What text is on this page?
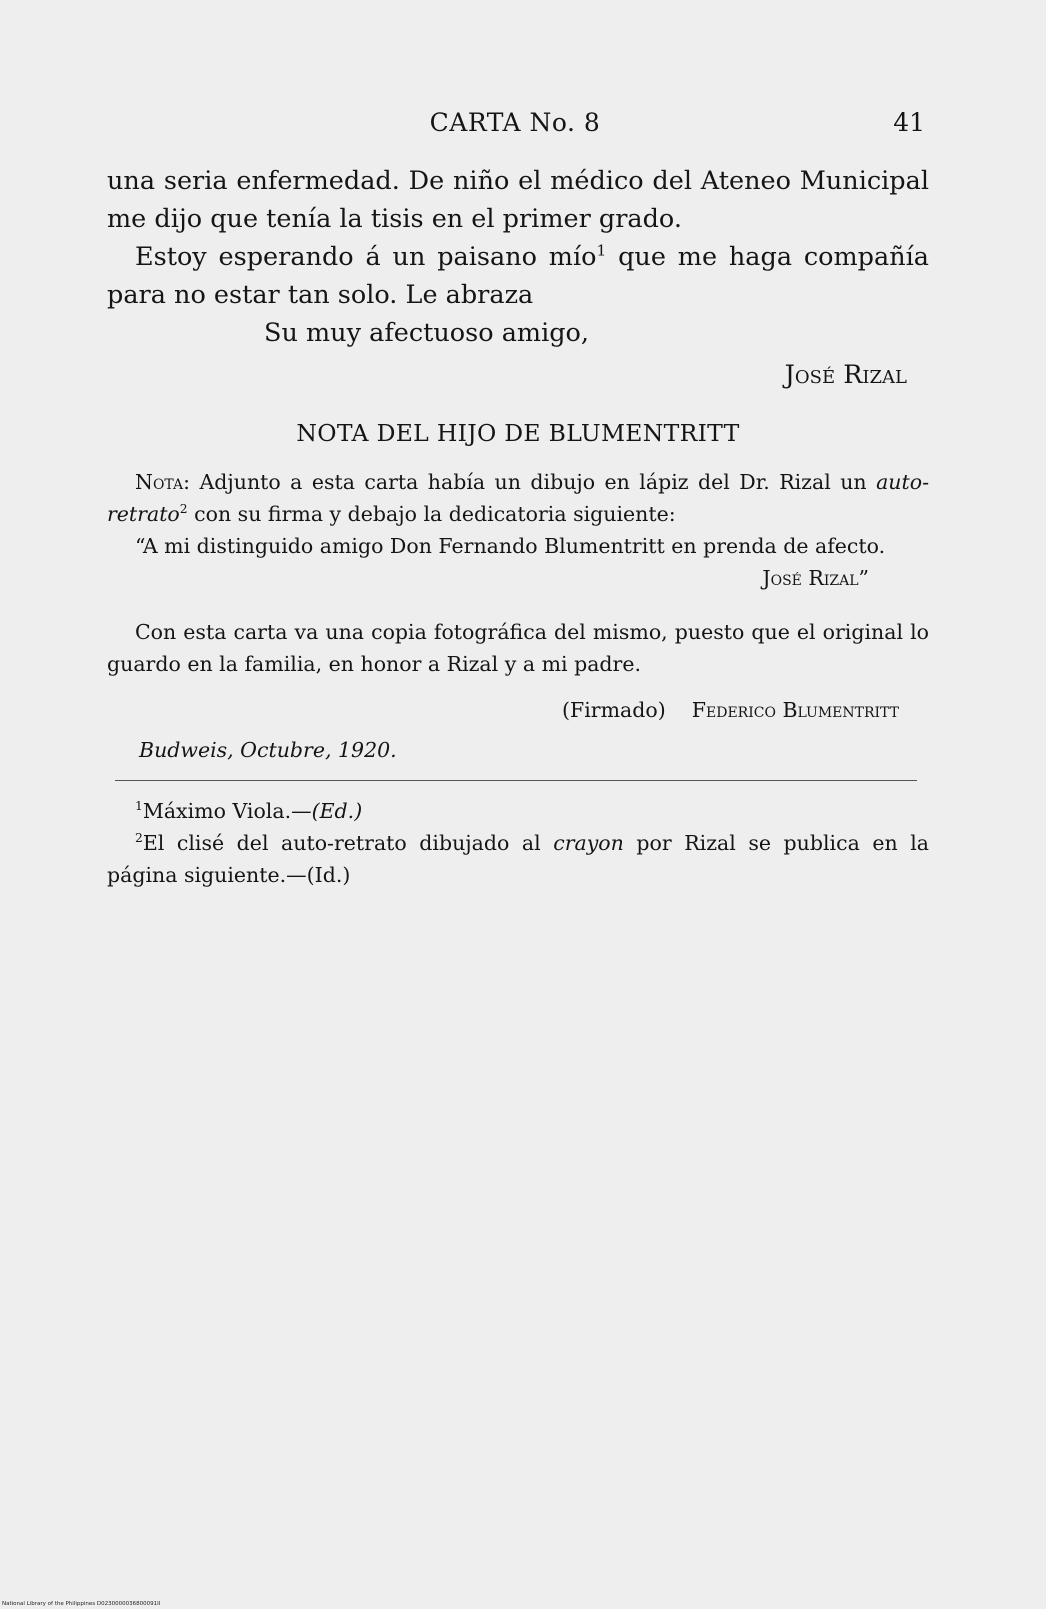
CARTA No. 8	41

una seria enfermedad. De niño el médico del Ateneo Municipal me dijo que tenía la tisis en el primer grado.

Estoy esperando á un paisano mío$^1$ que me haga compañía para no estar tan solo. Le abraza

Su muy afectuoso amigo,

José Rizal

NOTA DEL HIJO DE BLUMENTRITT

Nota: Adjunto a esta carta había un dibujo en lápiz del Dr. Rizal un auto-retrato$^2$ con su firma y debajo la dedicatoria siguiente:

“A mi distinguido amigo Don Fernando Blumentritt en prenda de afecto.

José Rizal”

Con esta carta va una copia fotográfica del mismo, puesto que el original lo guardo en la familia, en honor a Rizal y a mi padre.

(Firmado) Federico Blumentritt

Budweis, Octubre, 1920.

$^1$Máximo Viola.—(Ed.)

$^2$El clisé del auto-retrato dibujado al crayon por Rizal se publica en la página siguiente.—(Id.)

National Library of the Philippines D0230000036800091II
